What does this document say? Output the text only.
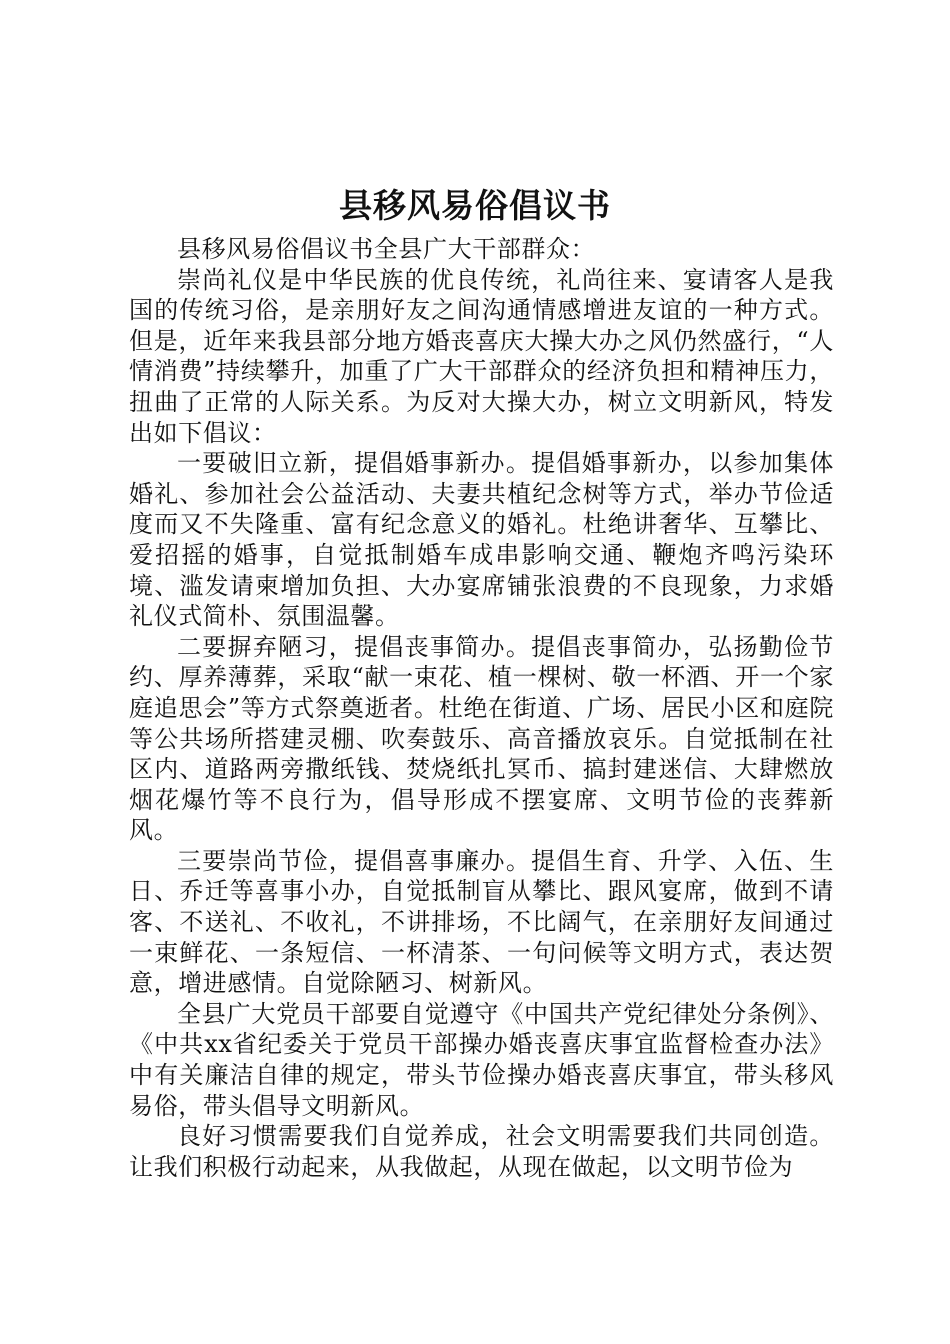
县移风易俗倡议书

县移风易俗倡议书全县广大干部群众：

崇尚礼仪是中华民族的优良传统，礼尚往来、宴请客人是我国的传统习俗，是亲朋好友之间沟通情感增进友谊的一种方式。但是，近年来我县部分地方婚丧喜庆大操大办之风仍然盛行，“人情消费”持续攀升，加重了广大干部群众的经济负担和精神压力，扭曲了正常的人际关系。为反对大操大办，树立文明新风，特发出如下倡议：

一要破旧立新，提倡婚事新办。提倡婚事新办，以参加集体婚礼、参加社会公益活动、夫妻共植纪念树等方式，举办节俭适度而又不失隆重、富有纪念意义的婚礼。杜绝讲奢华、互攀比、爱招摇的婚事，自觉抵制婚车成串影响交通、鞭炮齐鸣污染环境、滥发请柬增加负担、大办宴席铺张浪费的不良现象，力求婚礼仪式简朴、氛围温馨。

二要摒弃陋习，提倡丧事简办。提倡丧事简办，弘扬勤俭节约、厚养薄葬，采取“献一束花、植一棵树、敬一杯酒、开一个家庭追思会”等方式祭奠逝者。杜绝在街道、广场、居民小区和庭院等公共场所搭建灵棚、吹奏鼓乐、高音播放哀乐。自觉抵制在社区内、道路两旁撒纸钱、焚烧纸扎冥币、搞封建迷信、大肆燃放烟花爆竹等不良行为，倡导形成不摆宴席、文明节俭的丧葬新风。

三要崇尚节俭，提倡喜事廉办。提倡生育、升学、入伍、生日、乔迁等喜事小办，自觉抵制盲从攀比、跟风宴席，做到不请客、不送礼、不收礼，不讲排场，不比阔气，在亲朋好友间通过一束鲜花、一条短信、一杯清茶、一句问候等文明方式，表达贺意，增进感情。自觉除陋习、树新风。

全县广大党员干部要自觉遵守《中国共产党纪律处分条例》、《中共xx省纪委关于党员干部操办婚丧喜庆事宜监督检查办法》中有关廉洁自律的规定，带头节俭操办婚丧喜庆事宜，带头移风易俗，带头倡导文明新风。

良好习惯需要我们自觉养成，社会文明需要我们共同创造。让我们积极行动起来，从我做起，从现在做起，以文明节俭为
